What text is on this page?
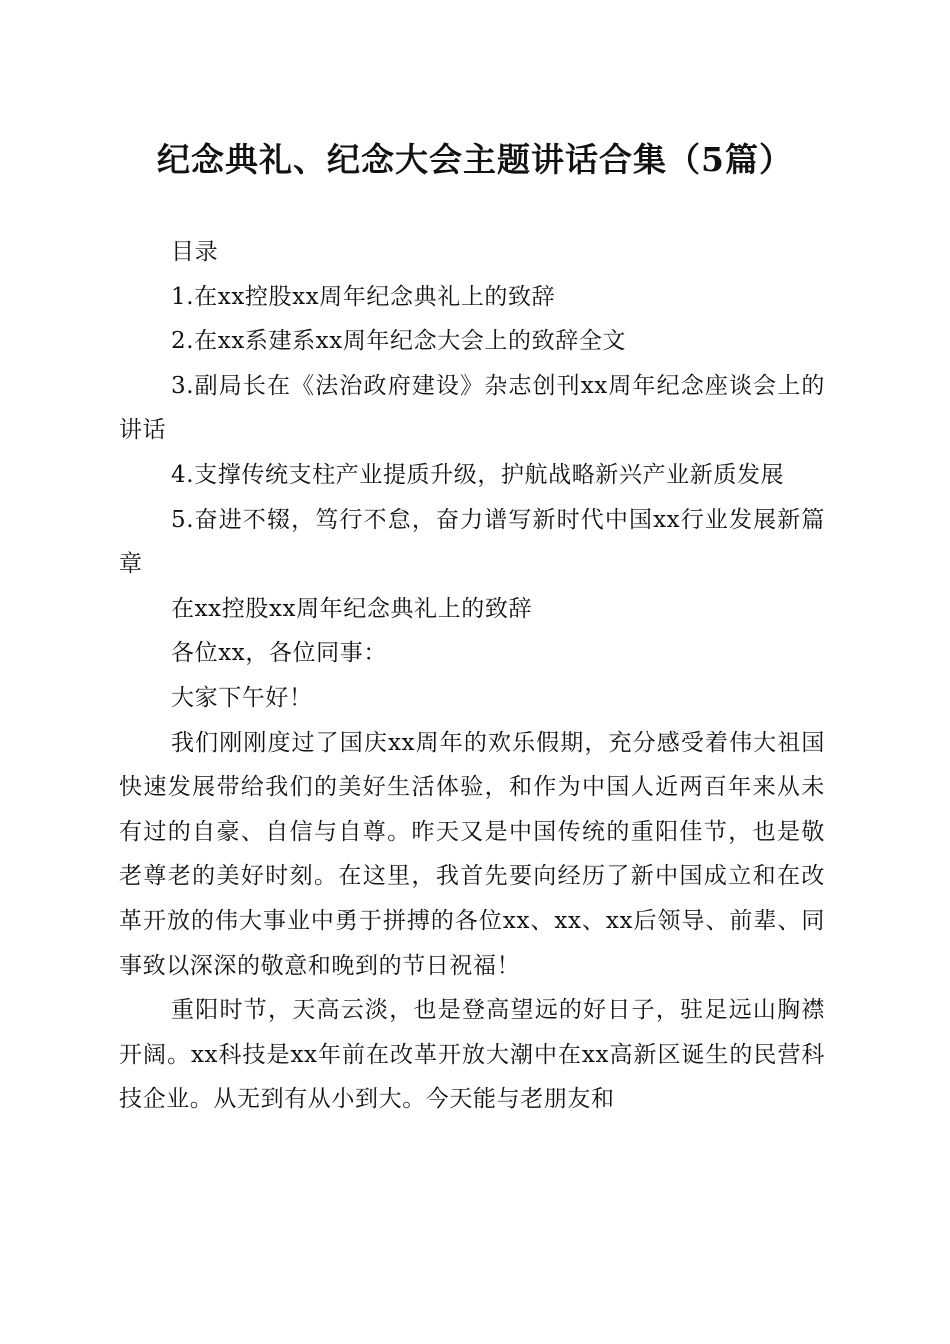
纪念典礼、纪念大会主题讲话合集（5篇）

目录

1.在xx控股xx周年纪念典礼上的致辞

2.在xx系建系xx周年纪念大会上的致辞全文

3.副局长在《法治政府建设》杂志创刊xx周年纪念座谈会上的讲话

4.支撑传统支柱产业提质升级，护航战略新兴产业新质发展

5.奋进不辍，笃行不怠，奋力谱写新时代中国xx行业发展新篇章

在xx控股xx周年纪念典礼上的致辞

各位xx，各位同事：

大家下午好！

我们刚刚度过了国庆xx周年的欢乐假期，充分感受着伟大祖国快速发展带给我们的美好生活体验，和作为中国人近两百年来从未有过的自豪、自信与自尊。昨天又是中国传统的重阳佳节，也是敬老尊老的美好时刻。在这里，我首先要向经历了新中国成立和在改革开放的伟大事业中勇于拼搏的各位xx、xx、xx后领导、前辈、同事致以深深的敬意和晚到的节日祝福！

重阳时节，天高云淡，也是登高望远的好日子，驻足远山胸襟开阔。xx科技是xx年前在改革开放大潮中在xx高新区诞生的民营科技企业。从无到有从小到大。今天能与老朋友和
